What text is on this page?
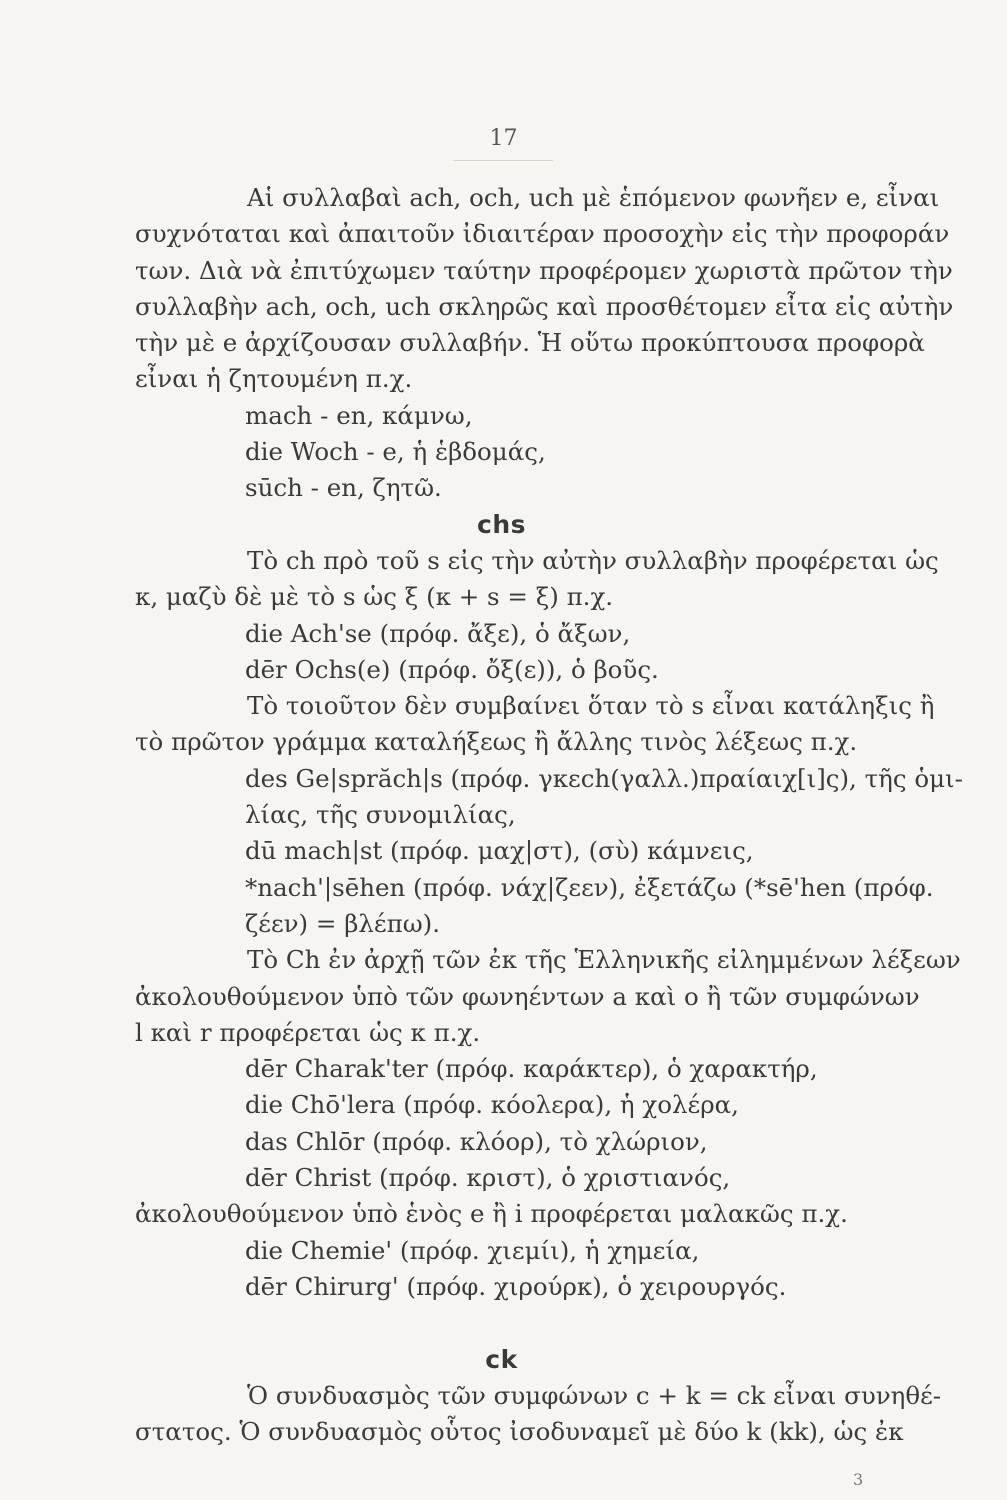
17
Αἱ συλλαβαὶ ach, och, uch μὲ ἑπόμενον φωνῆεν e, εἶναι
συχνόταται καὶ ἀπαιτοῦν ἰδιαιτέραν προσοχὴν εἰς τὴν προφοράν
των. Διὰ νὰ ἐπιτύχωμεν ταύτην προφέρομεν χωριστὰ πρῶτον τὴν
συλλαβὴν ach, och, uch σκληρῶς καὶ προσθέτομεν εἶτα εἰς αὐτὴν
τὴν μὲ e ἀρχίζουσαν συλλαβήν. Ἡ οὕτω προκύπτουσα προφορὰ
εἶναι ἡ ζητουμένη π.χ.
mach - en, κάμνω,
die Woch - e, ἡ ἑβδομάς,
sūch - en, ζητῶ.
chs
Τὸ ch πρὸ τοῦ s εἰς τὴν αὐτὴν συλλαβὴν προφέρεται ὡς
κ, μαζὺ δὲ μὲ τὸ s ὡς ξ (κ + s = ξ) π.χ.
die Ach'se (πρόφ. ἄξε), ὁ ἄξων,
dēr Ochs(e) (πρόφ. ὄξ(ε)), ὁ βοῦς.
Τὸ τοιοῦτον δὲν συμβαίνει ὅταν τὸ s εἶναι κατάληξις ἢ
τὸ πρῶτον γράμμα καταλήξεως ἢ ἄλλης τινὸς λέξεως π.χ.
des Ge|sprăch|s (πρόφ. γκεch(γαλλ.)πραίαιχ[ι]ς), τῆς ὁμι-
λίας, τῆς συνομιλίας,
dū mach|st (πρόφ. μαχ|στ), (σὺ) κάμνεις,
*nach'|sēhen (πρόφ. νάχ|ζεεν), ἐξετάζω (*sē'hen (πρόφ.
ζέεν) = βλέπω).
Τὸ Ch ἐν ἀρχῇ τῶν ἐκ τῆς Ἑλληνικῆς εἰλημμένων λέξεων
ἀκολουθούμενον ὑπὸ τῶν φωνηέντων a καὶ o ἢ τῶν συμφώνων
l καὶ r προφέρεται ὡς κ π.χ.
dēr Charak'ter (πρόφ. καράκτερ), ὁ χαρακτήρ,
die Chō'lera (πρόφ. κόολερα), ἡ χολέρα,
das Chlōr (πρόφ. κλόορ), τὸ χλώριον,
dēr Christ (πρόφ. κριστ), ὁ χριστιανός,
ἀκολουθούμενον ὑπὸ ἑνὸς e ἢ i προφέρεται μαλακῶς π.χ.
die Chemie' (πρόφ. χιεμίι), ἡ χημεία,
dēr Chirurg' (πρόφ. χιρούρκ), ὁ χειρουργός.

ck
Ὁ συνδυασμὸς τῶν συμφώνων c + k = ck εἶναι συνηθέ-
στατος. Ὁ συνδυασμὸς οὗτος ἰσοδυναμεῖ μὲ δύο k (kk), ὡς ἐκ
3
